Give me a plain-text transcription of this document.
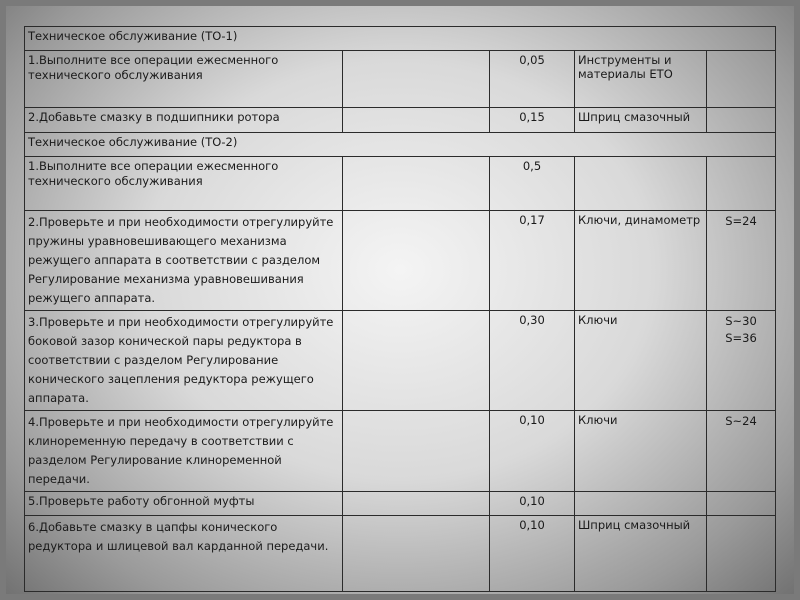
Техническое обслуживание (ТО-1)				
1.Выполните все операции ежесменного технического обслуживания		0,05	Инструменты и материалы ЕТО	
2.Добавьте смазку в подшипники ротора		0,15	Шприц смазочный	
Техническое обслуживание (ТО-2)				
1.Выполните все операции ежесменного технического обслуживания		0,5		
2.Проверьте и при необходимости отрегулируйте пружины уравновешивающего механизма режущего аппарата в соответствии с разделом Регулирование механизма уравновешивания режущего аппарата.		0,17	Ключи, динамометр	S=24

3.Проверьте и при необходимости отрегулируйте боковой зазор конической пары редуктора в соответствии с разделом Регулирование конического зацепления редуктора режущего аппарата.		0,30	Ключи	S~30
S=36

4.Проверьте и при необходимости отрегулируйте клиноременную передачу в соответствии с разделом Регулирование клиноременной передачи.		0,10	Ключи	S~24

5.Проверьте работу обгонной муфты		0,10		
6.Добавьте смазку в цапфы конического редуктора и шлицевой вал карданной передачи.		0,10	Шприц смазочный	
